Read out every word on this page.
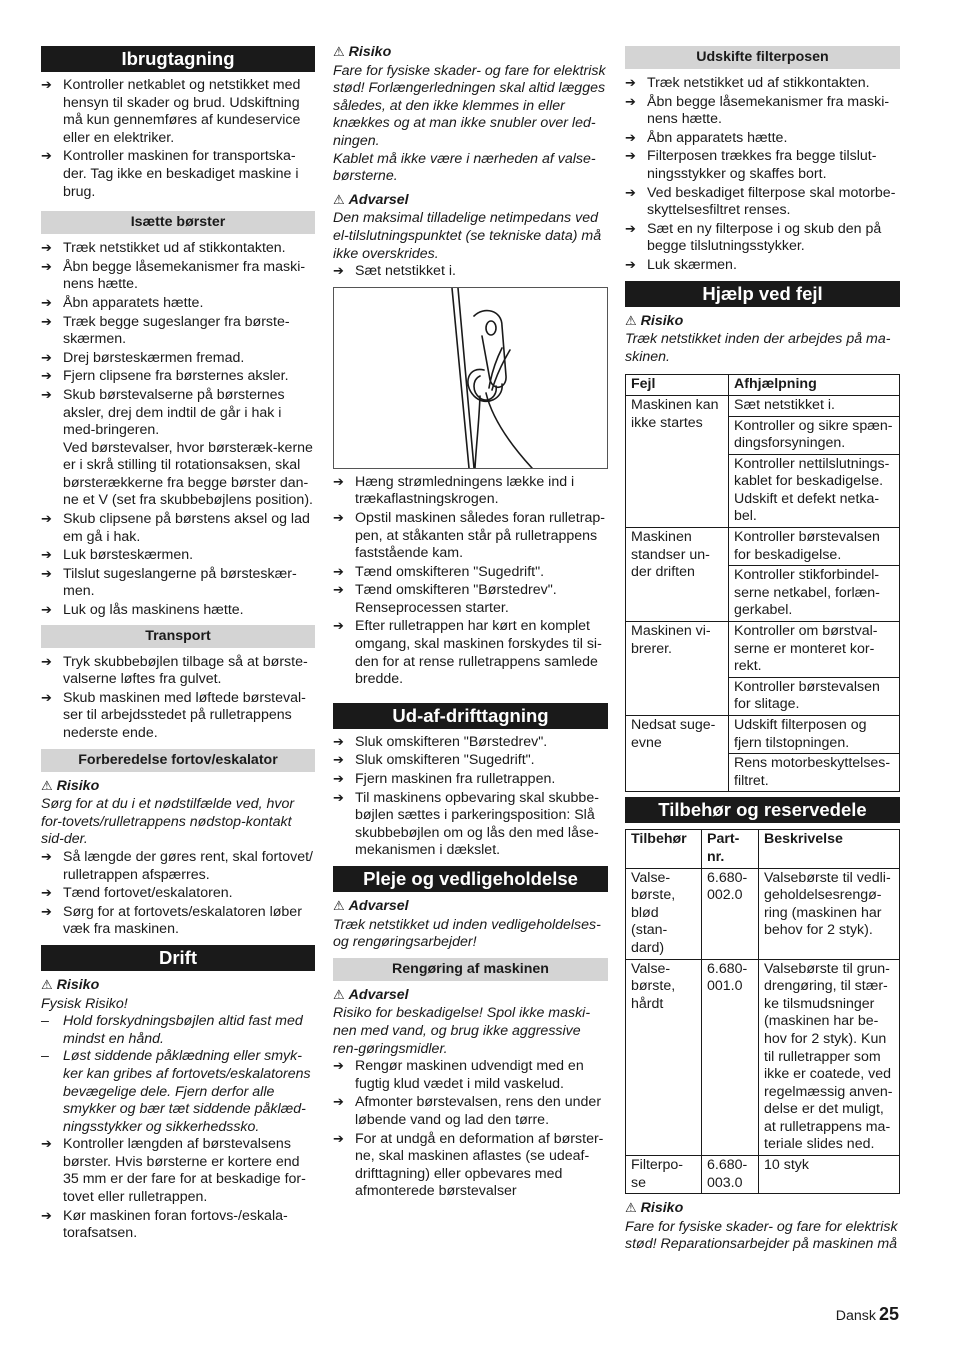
Ibrugtagning
➔ Kontroller netkablet og netstikket med hensyn til skader og brud. Udskiftning må kun gennemføres af kundeservice eller en elektriker.
➔ Kontroller maskinen for transportska-der. Tag ikke en beskadiget maskine i brug.
Isætte børster
➔ Træk netstikket ud af stikkontakten.
➔ Åbn begge låsemekanismer fra maski-nens hætte.
➔ Åbn apparatets hætte.
➔ Træk begge sugeslanger fra børste-skærmen.
➔ Drej børsteskærmen fremad.
➔ Fjern clipsene fra børsternes aksler.
➔ Skub børstevalserne på børsternes aksler, drej dem indtil de går i hak i med-bringeren.
Ved børstevalser, hvor børsteræk-kerne er i skrå stilling til rotationsaksen, skal børsterækkerne fra begge børster dan-ne et V (set fra skubbebøjlens position).
➔ Skub clipsene på børstens aksel og lad em gå i hak.
➔ Luk børsteskærmen.
➔ Tilslut sugeslangerne på børsteskær-men.
➔ Luk og lås maskinens hætte.
Transport
➔ Tryk skubbebøjlen tilbage så at børste-valserne løftes fra gulvet.
➔ Skub maskinen med løftede børsteval-ser til arbejdsstedet på rulletrappens nederste ende.
Forberedelse fortov/eskalator
⚠ Risiko

Sørg for at du i et nødstilfælde ved, hvor for-tovets/rulletrappens nødstop-kontakt sid-der.

➔ Så længde der gøres rent, skal fortovet/ rulletrappen afspærres.
➔ Tænd fortovet/eskalatoren.
➔ Sørg for at fortovets/eskalatoren løber væk fra maskinen.
Drift
⚠ Risiko

Fysisk Risiko!

– Hold forskydningsbøjlen altid fast med mindst en hånd.
– Løst siddende påklædning eller smyk-ker kan gribes af fortovets/eskalatorens bevægelige dele. Fjern derfor alle smykker og bær tæt siddende påklæd-ningsstykker og sikkerhedssko.
➔ Kontroller længden af børstevalsens børster. Hvis børsterne er kortere end 35 mm er der fare for at beskadige for-tovet eller rulletrappen.
➔ Kør maskinen foran fortovs-/eskala-torafsatsen.
⚠ Risiko

Fare for fysiske skader- og fare for elektrisk stød! Forlængerledningen skal altid lægges således, at den ikke klemmes in eller knækkes og at man ikke snubler over led-ningen.

Kablet må ikke være i nærheden af valse-børsterne.

⚠ Advarsel

Den maksimal tilladelige netimpedans ved el-tilslutningspunktet (se tekniske data) må ikke overskrides.

➔ Sæt netstikket i.
➔ Hæng strømledningens lække ind i trækaflastningskrogen.
➔ Opstil maskinen således foran rulletrap-pen, at ståkanten står på rulletrappens faststående kam.
➔ Tænd omskifteren "Sugedrift".
➔ Tænd omskifteren "Børstedrev".
Renseprocessen starter.
➔ Efter rulletrappen har kørt en komplet omgang, skal maskinen forskydes til si-den for at rense rulletrappens samlede bredde.
Ud-af-drifttagning
➔ Sluk omskifteren "Børstedrev".
➔ Sluk omskifteren "Sugedrift".
➔ Fjern maskinen fra rulletrappen.
➔ Til maskinens opbevaring skal skubbe-bøjlen sættes i parkeringsposition: Slå skubbebøjlen om og lås den med låse-mekanismen i dækslet.
Pleje og vedligeholdelse
⚠ Advarsel

Træk netstikket ud inden vedligeholdelses- og rengøringsarbejder!

Rengøring af maskinen
⚠ Advarsel

Risiko for beskadigelse! Spol ikke maski-nen med vand, og brug ikke aggressive ren-gøringsmidler.

➔ Rengør maskinen udvendigt med en fugtig klud vædet i mild vaskelud.
➔ Afmonter børstevalsen, rens den under løbende vand og lad den tørre.
➔ For at undgå en deformation af børster-ne, skal maskinen aflastes (se udeaf-drifttagning) eller opbevares med afmonterede børstevalser
Udskifte filterposen
➔ Træk netstikket ud af stikkontakten.
➔ Åbn begge låsemekanismer fra maski-nens hætte.
➔ Åbn apparatets hætte.
➔ Filterposen trækkes fra begge tilslut-ningsstykker og skaffes bort.
➔ Ved beskadiget filterpose skal motorbe-skyttelsesfiltret renses.
➔ Sæt en ny filterpose i og skub den på begge tilslutningsstykker.
➔ Luk skærmen.
Hjælp ved fejl
⚠ Risiko

Træk netstikket inden der arbejdes på ma-skinen.

Fejl	Afhjælpning
Maskinen kan ikke startes	Sæt netstikket i.
	Kontroller og sikre spæn-dingsforsyningen.
	Kontroller nettilslutnings-kablet for beskadigelse. Udskift et defekt netka-bel.
Maskinen standser un-der driften	Kontroller børstevalsen for beskadigelse.
	Kontroller stikforbindel-serne netkabel, forlæn-gerkabel.
Maskinen vi-brerer.	Kontroller om børstval-serne er monteret kor-rekt.
	Kontroller børstevalsen for slitage.
Nedsat suge-evne	Udskift filterposen og fjern tilstopningen.
	Rens motorbeskyttelses-filtret.
Tilbehør og reservedele
Tilbehør	Part-nr.	Beskrivelse
Valse-børste, blød (stan-dard)	6.680-002.0	Valsebørste til vedli-geholdelsesrengø-ring (maskinen har behov for 2 styk).
Valse-børste, hårdt	6.680-001.0	Valsebørste til grun-drengøring, til stær-ke tilsmudsninger (maskinen har be-hov for 2 styk). Kun til rulletrapper som ikke er coatede, ved regelmæssig anven-delse er det muligt, at rulletrappens ma-teriale slides ned.
Filterpo-se	6.680-003.0	10 styk
⚠ Risiko

Fare for fysiske skader- og fare for elektrisk stød! Reparationsarbejder på maskinen må

Dansk 25
